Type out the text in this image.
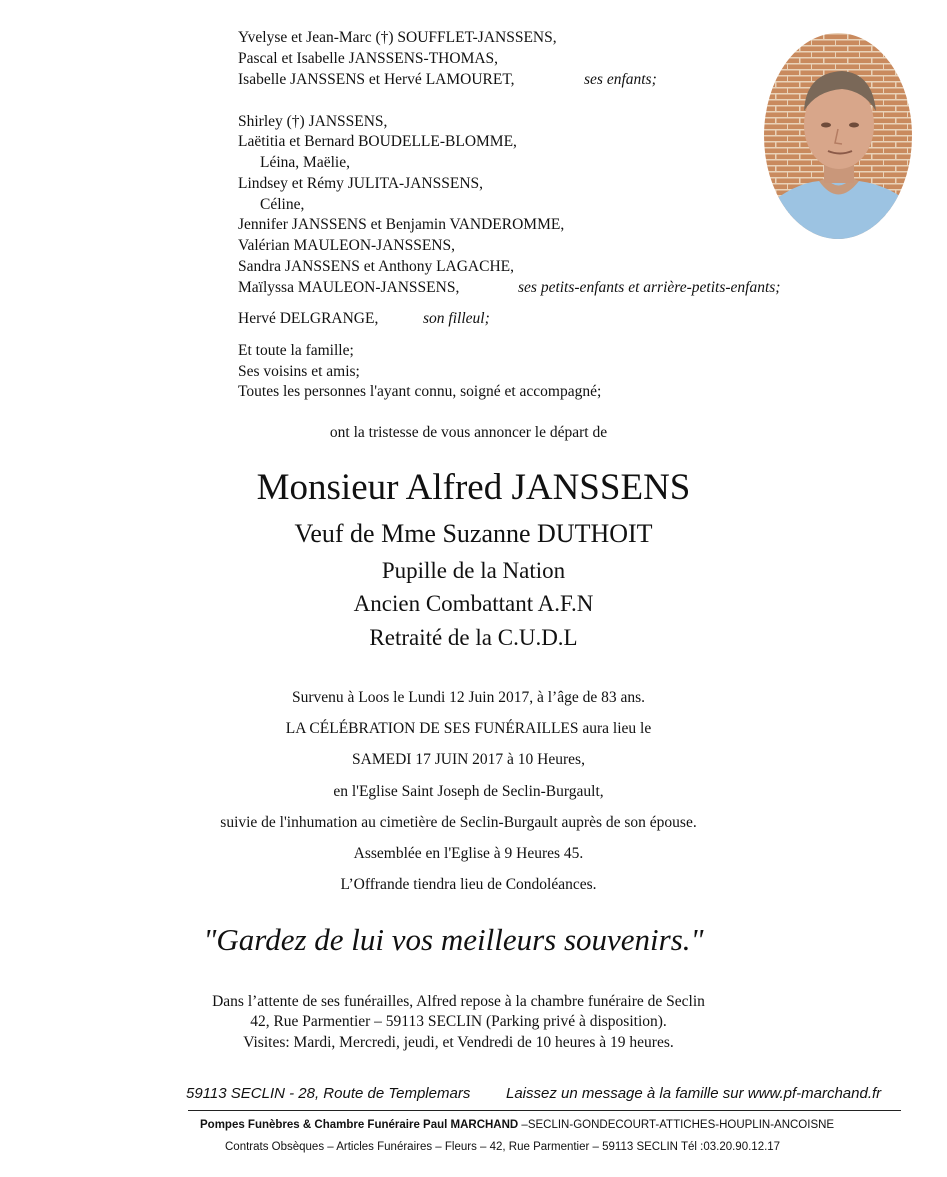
Yvelyse et Jean-Marc (†) SOUFFLET-JANSSENS,
Pascal et Isabelle JANSSENS-THOMAS,
Isabelle JANSSENS et Hervé LAMOURET,	ses enfants;
Shirley (†) JANSSENS,
Laëtitia et Bernard BOUDELLE-BLOMME,
Léina, Maëlie,
Lindsey et Rémy JULITA-JANSSENS,
Céline,
Jennifer JANSSENS et Benjamin VANDEROMME,
Valérian MAULEON-JANSSENS,
Sandra JANSSENS et Anthony LAGACHE,
Maïlyssa MAULEON-JANSSENS,	ses petits-enfants et arrière-petits-enfants;
Hervé DELGRANGE,	son filleul;
Et toute la famille;
Ses voisins et amis;
Toutes les personnes l'ayant connu, soigné et accompagné;
ont la tristesse de vous annoncer le départ de
Monsieur Alfred JANSSENS
Veuf de Mme Suzanne DUTHOIT
Pupille de la Nation
Ancien Combattant A.F.N
Retraité de la C.U.D.L
Survenu à Loos le Lundi 12 Juin 2017, à l’âge de 83 ans.
LA CÉLÉBRATION DE SES FUNÉRAILLES aura lieu le
SAMEDI 17 JUIN 2017 à 10 Heures,
en l'Eglise Saint Joseph de Seclin-Burgault,
suivie de l'inhumation au cimetière de Seclin-Burgault auprès de son épouse.
Assemblée en l'Eglise à 9 Heures 45.
L’Offrande tiendra lieu de Condoléances.
"Gardez de lui vos meilleurs souvenirs."
Dans l’attente de ses funérailles, Alfred repose à la chambre funéraire de Seclin
42, Rue Parmentier – 59113 SECLIN (Parking privé à disposition).
Visites: Mardi, Mercredi, jeudi, et Vendredi de 10 heures à 19 heures.
59113 SECLIN - 28, Route de Templemars Laissez un message à la famille sur www.pf-marchand.fr
Pompes Funèbres & Chambre Funéraire Paul MARCHAND –SECLIN-GONDECOURT-ATTICHES-HOUPLIN-ANCOISNE
Contrats Obsèques – Articles Funéraires – Fleurs – 42, Rue Parmentier – 59113 SECLIN Tél :03.20.90.12.17
